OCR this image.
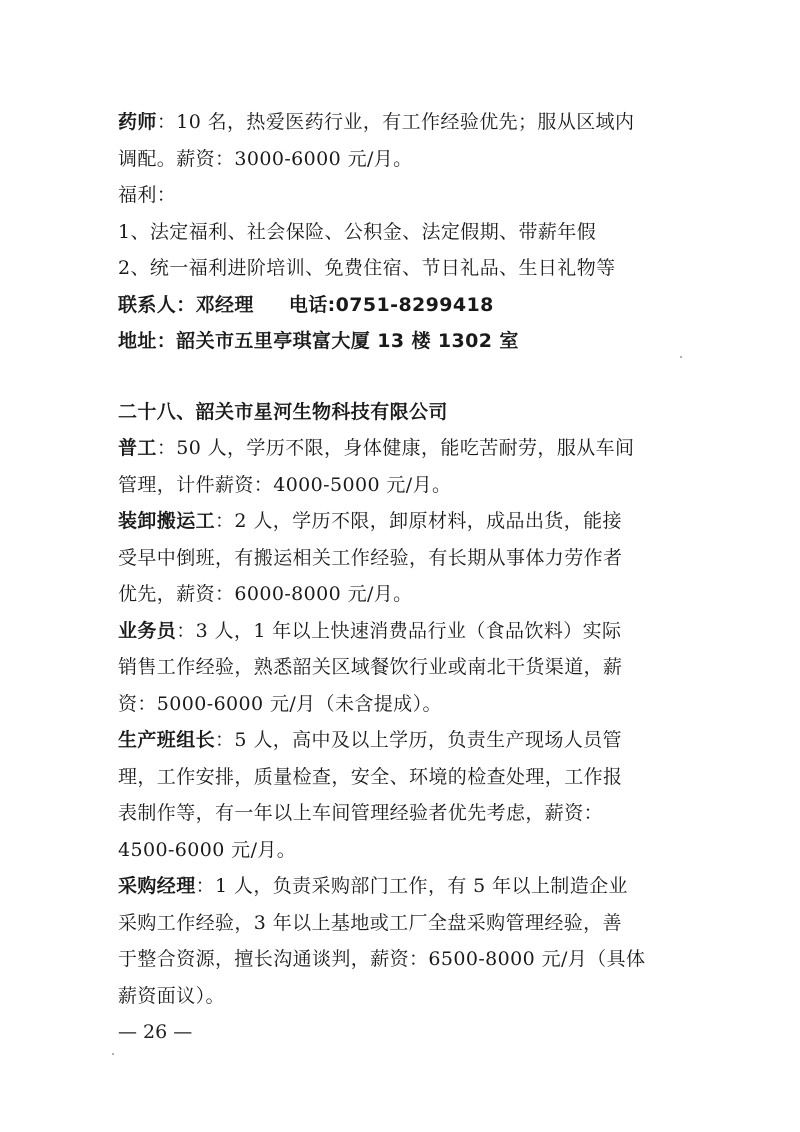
药师：10 名，热爱医药行业，有工作经验优先；服从区域内
调配。薪资：3000-6000 元/月。
福利：
1、法定福利、社会保险、公积金、法定假期、带薪年假
2、统一福利进阶培训、免费住宿、节日礼品、生日礼物等
联系人：邓经理     电话:0751-8299418
地址：韶关市五里亭琪富大厦 13 楼 1302 室
二十八、韶关市星河生物科技有限公司
普工：50 人，学历不限，身体健康，能吃苦耐劳，服从车间
管理，计件薪资：4000-5000 元/月。
装卸搬运工：2 人，学历不限，卸原材料，成品出货，能接
受早中倒班，有搬运相关工作经验，有长期从事体力劳作者
优先，薪资：6000-8000 元/月。
业务员：3 人，1 年以上快速消费品行业（食品饮料）实际
销售工作经验，熟悉韶关区域餐饮行业或南北干货渠道，薪
资：5000-6000 元/月（未含提成）。
生产班组长：5 人，高中及以上学历，负责生产现场人员管
理，工作安排，质量检查，安全、环境的检查处理，工作报
表制作等，有一年以上车间管理经验者优先考虑，薪资：
4500-6000 元/月。
采购经理：1 人，负责采购部门工作，有 5 年以上制造企业
采购工作经验，3 年以上基地或工厂全盘采购管理经验，善
于整合资源，擅长沟通谈判，薪资：6500-8000 元/月（具体
薪资面议）。
— 26 —
